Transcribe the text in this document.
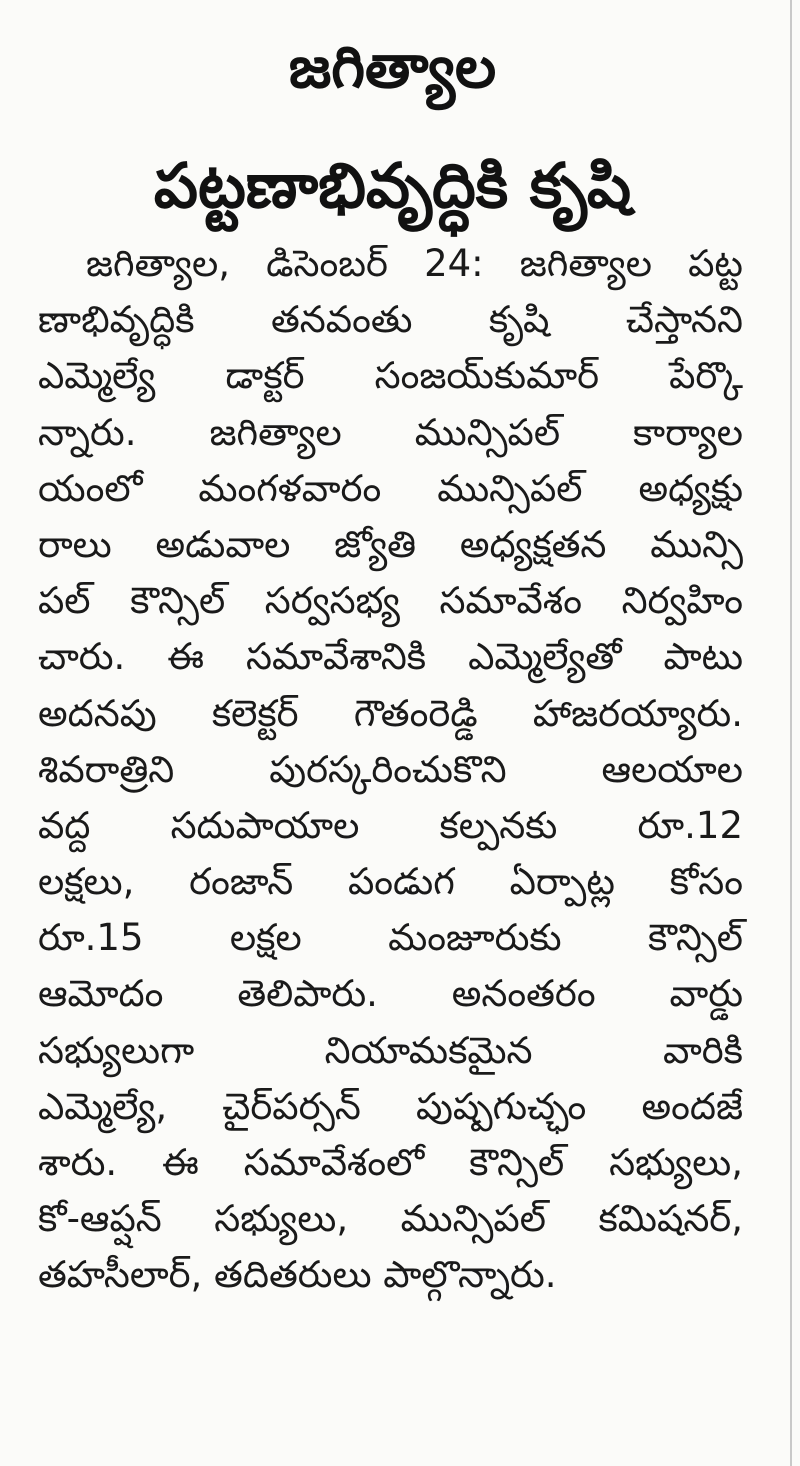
జగిత్యాల
పట్టణాభివృద్ధికి కృషి
జగిత్యాల, డిసెంబర్ 24: జగిత్యాల పట్ట
ణాభివృద్ధికి తనవంతు కృషి చేస్తానని
ఎమ్మెల్యే డాక్టర్ సంజయ్‌కుమార్ పేర్కొ
న్నారు. జగిత్యాల మున్సిపల్ కార్యాల
యంలో మంగళవారం మున్సిపల్ అధ్యక్షు
రాలు అడువాల జ్యోతి అధ్యక్షతన మున్సి
పల్ కౌన్సిల్ సర్వసభ్య సమావేశం నిర్వహిం
చారు. ఈ సమావేశానికి ఎమ్మెల్యేతో పాటు
అదనపు కలెక్టర్ గౌతంరెడ్డి హాజరయ్యారు.
శివరాత్రిని పురస్కరించుకొని ఆలయాల
వద్ద సదుపాయాల కల్పనకు రూ.12
లక్షలు, రంజాన్ పండుగ ఏర్పాట్ల కోసం
రూ.15 లక్షల మంజూరుకు కౌన్సిల్
ఆమోదం తెలిపారు. అనంతరం వార్డు
సభ్యులుగా నియామకమైన వారికి
ఎమ్మెల్యే, చైర్‌పర్సన్ పుష్పగుచ్ఛం అందజే
శారు. ఈ సమావేశంలో కౌన్సిల్ సభ్యులు,
కో-ఆప్షన్ సభ్యులు, మున్సిపల్ కమిషనర్,
తహసీలార్, తదితరులు పాల్గొన్నారు.
